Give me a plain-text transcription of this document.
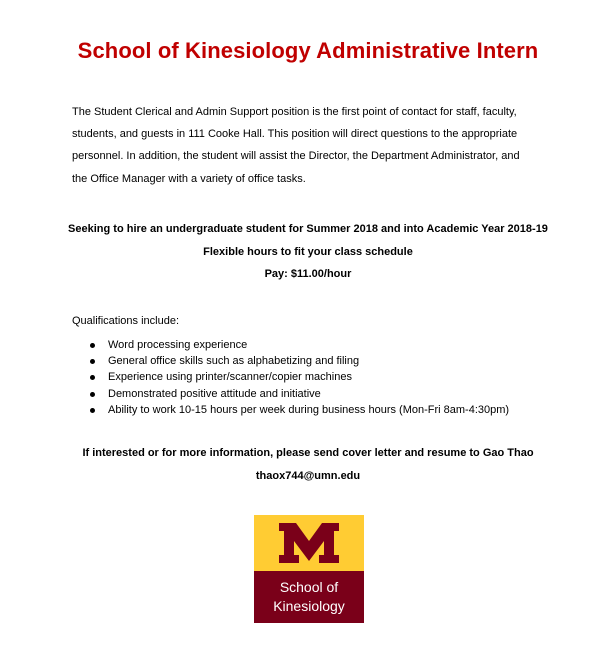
School of Kinesiology Administrative Intern
The Student Clerical and Admin Support position is the first point of contact for staff, faculty,
students, and guests in 111 Cooke Hall. This position will direct questions to the appropriate
personnel. In addition, the student will assist the Director, the Department Administrator, and
the Office Manager with a variety of office tasks.
Seeking to hire an undergraduate student for Summer 2018 and into Academic Year 2018-19
Flexible hours to fit your class schedule
Pay: $11.00/hour
Qualifications include:
Word processing experience
General office skills such as alphabetizing and filing
Experience using printer/scanner/copier machines
Demonstrated positive attitude and initiative
Ability to work 10-15 hours per week during business hours (Mon-Fri 8am-4:30pm)
If interested or for more information, please send cover letter and resume to Gao Thao
thaox744@umn.edu
School of
Kinesiology
